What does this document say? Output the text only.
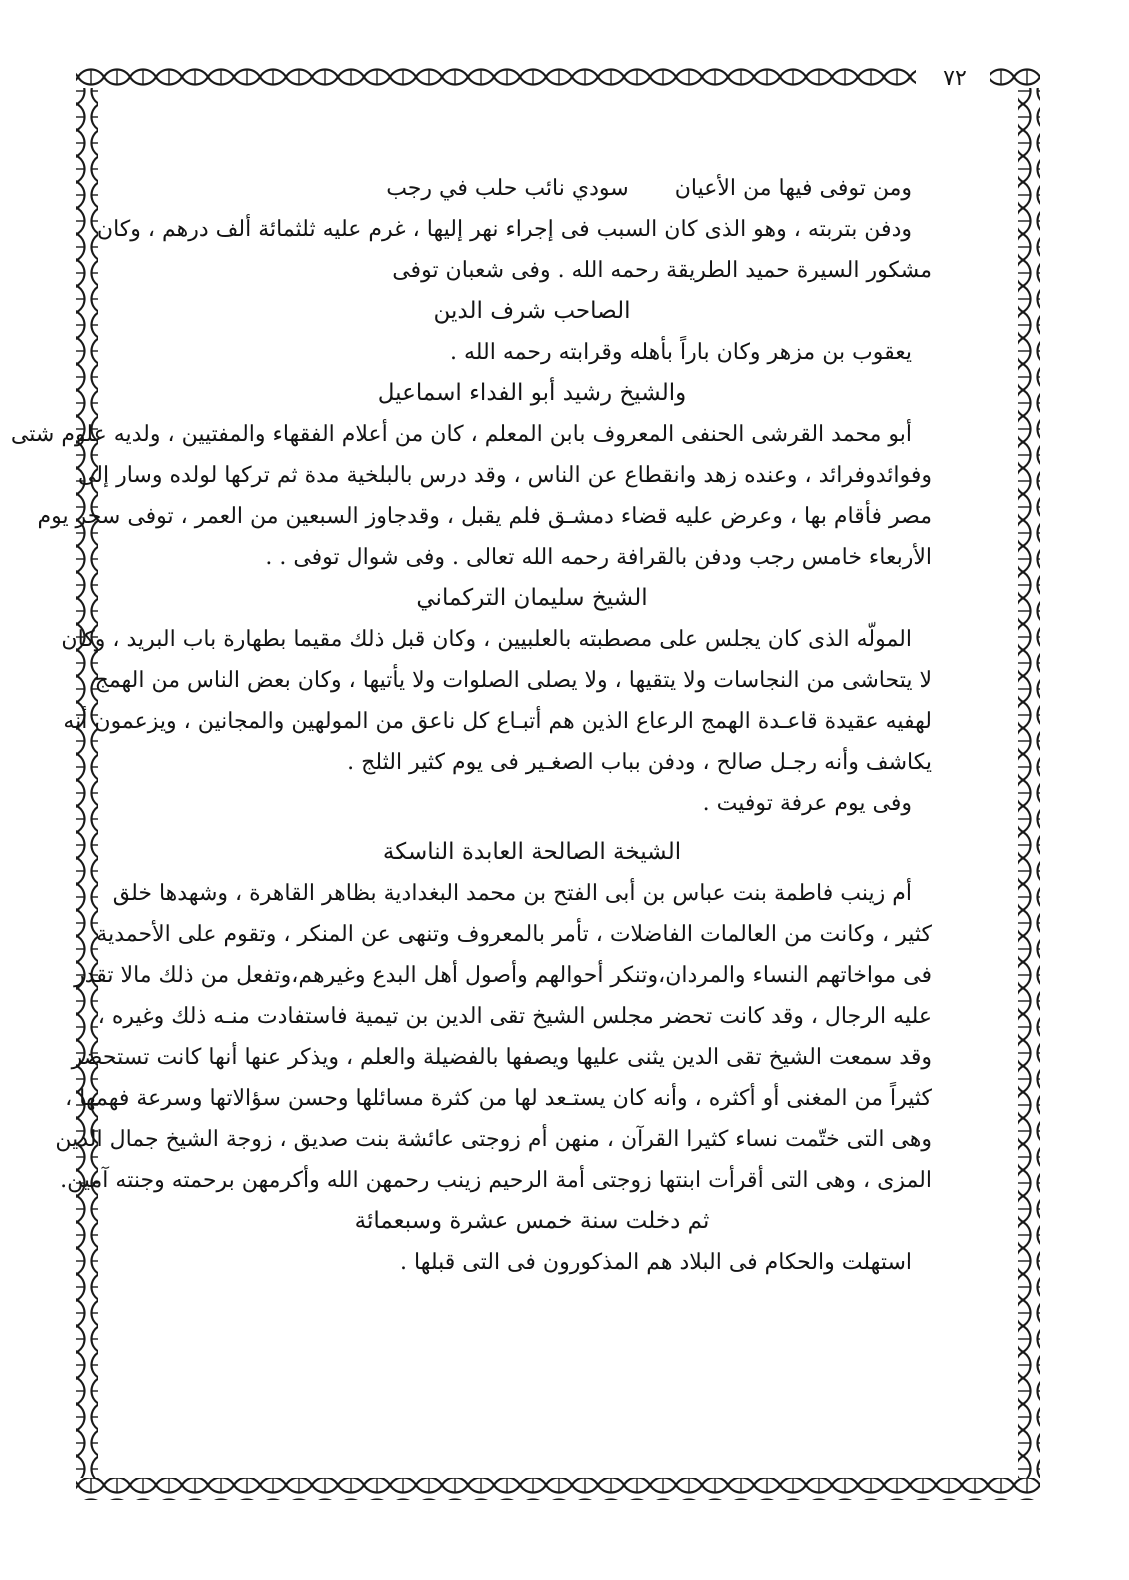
٧٢
ومن توفى فيها من الأعيانسودي نائب حلب في رجب
ودفن بتربته ، وهو الذى كان السبب فى إجراء نهر إليها ، غرم عليه ثلثمائة ألف درهم ، وكان
مشكور السيرة حميد الطريقة رحمه الله . وفى شعبان توفى
الصاحب شرف الدين
يعقوب بن مزهر وكان باراً بأهله وقرابته رحمه الله .
والشيخ رشيد أبو الفداء اسماعيل
أبو محمد القرشى الحنفى المعروف بابن المعلم ، كان من أعلام الفقهاء والمفتيين ، ولديه علوم شتى
وفوائدوفرائد ، وعنده زهد وانقطاع عن الناس ، وقد درس بالبلخية مدة ثم تركها لولده وسار إلى
مصر فأقام بها ، وعرض عليه قضاء دمشـق فلم يقبل ، وقدجاوز السبعين من العمر ، توفى سحر يوم
الأربعاء خامس رجب ودفن بالقرافة رحمه الله تعالى . وفى شوال توفى . .
الشيخ سليمان التركماني
المولّه الذى كان يجلس على مصطبته بالعلبيين ، وكان قبل ذلك مقيما بطهارة باب البريد ، وكان
لا يتحاشى من النجاسات ولا يتقيها ، ولا يصلى الصلوات ولا يأتيها ، وكان بعض الناس من الهمج
لهفيه عقيدة قاعـدة الهمج الرعاع الذين هم أتبـاع كل ناعق من المولهين والمجانين ، ويزعمون أنه
يكاشف وأنه رجـل صالح ، ودفن بباب الصغـير فى يوم كثير الثلج .
وفى يوم عرفة توفيت .
الشيخة الصالحة العابدة الناسكة
أم زينب فاطمة بنت عباس بن أبى الفتح بن محمد البغدادية بظاهر القاهرة ، وشهدها خلق
كثير ، وكانت من العالمات الفاضلات ، تأمر بالمعروف وتنهى عن المنكر ، وتقوم على الأحمدية
فى مواخاتهم النساء والمردان،وتنكر أحوالهم وأصول أهل البدع وغيرهم،وتفعل من ذلك مالا تقدر
عليه الرجال ، وقد كانت تحضر مجلس الشيخ تقى الدين بن تيمية فاستفادت منـه ذلك وغيره ،
وقد سمعت الشيخ تقى الدين يثنى عليها ويصفها بالفضيلة والعلم ، ويذكر عنها أنها كانت تستحضر
كثيراً من المغنى أو أكثره ، وأنه كان يستـعد لها من كثرة مسائلها وحسن سؤالاتها وسرعة فهمها ،
وهى التى ختّمت نساء كثيرا القرآن ، منهن أم زوجتى عائشة بنت صديق ، زوجة الشيخ جمال الدين
المزى ، وهى التى أقرأت ابنتها زوجتى أمة الرحيم زينب رحمهن الله وأكرمهن برحمته وجنته آمين.
ثم دخلت سنة خمس عشرة وسبعمائة
استهلت والحكام فى البلاد هم المذكورون فى التى قبلها .
